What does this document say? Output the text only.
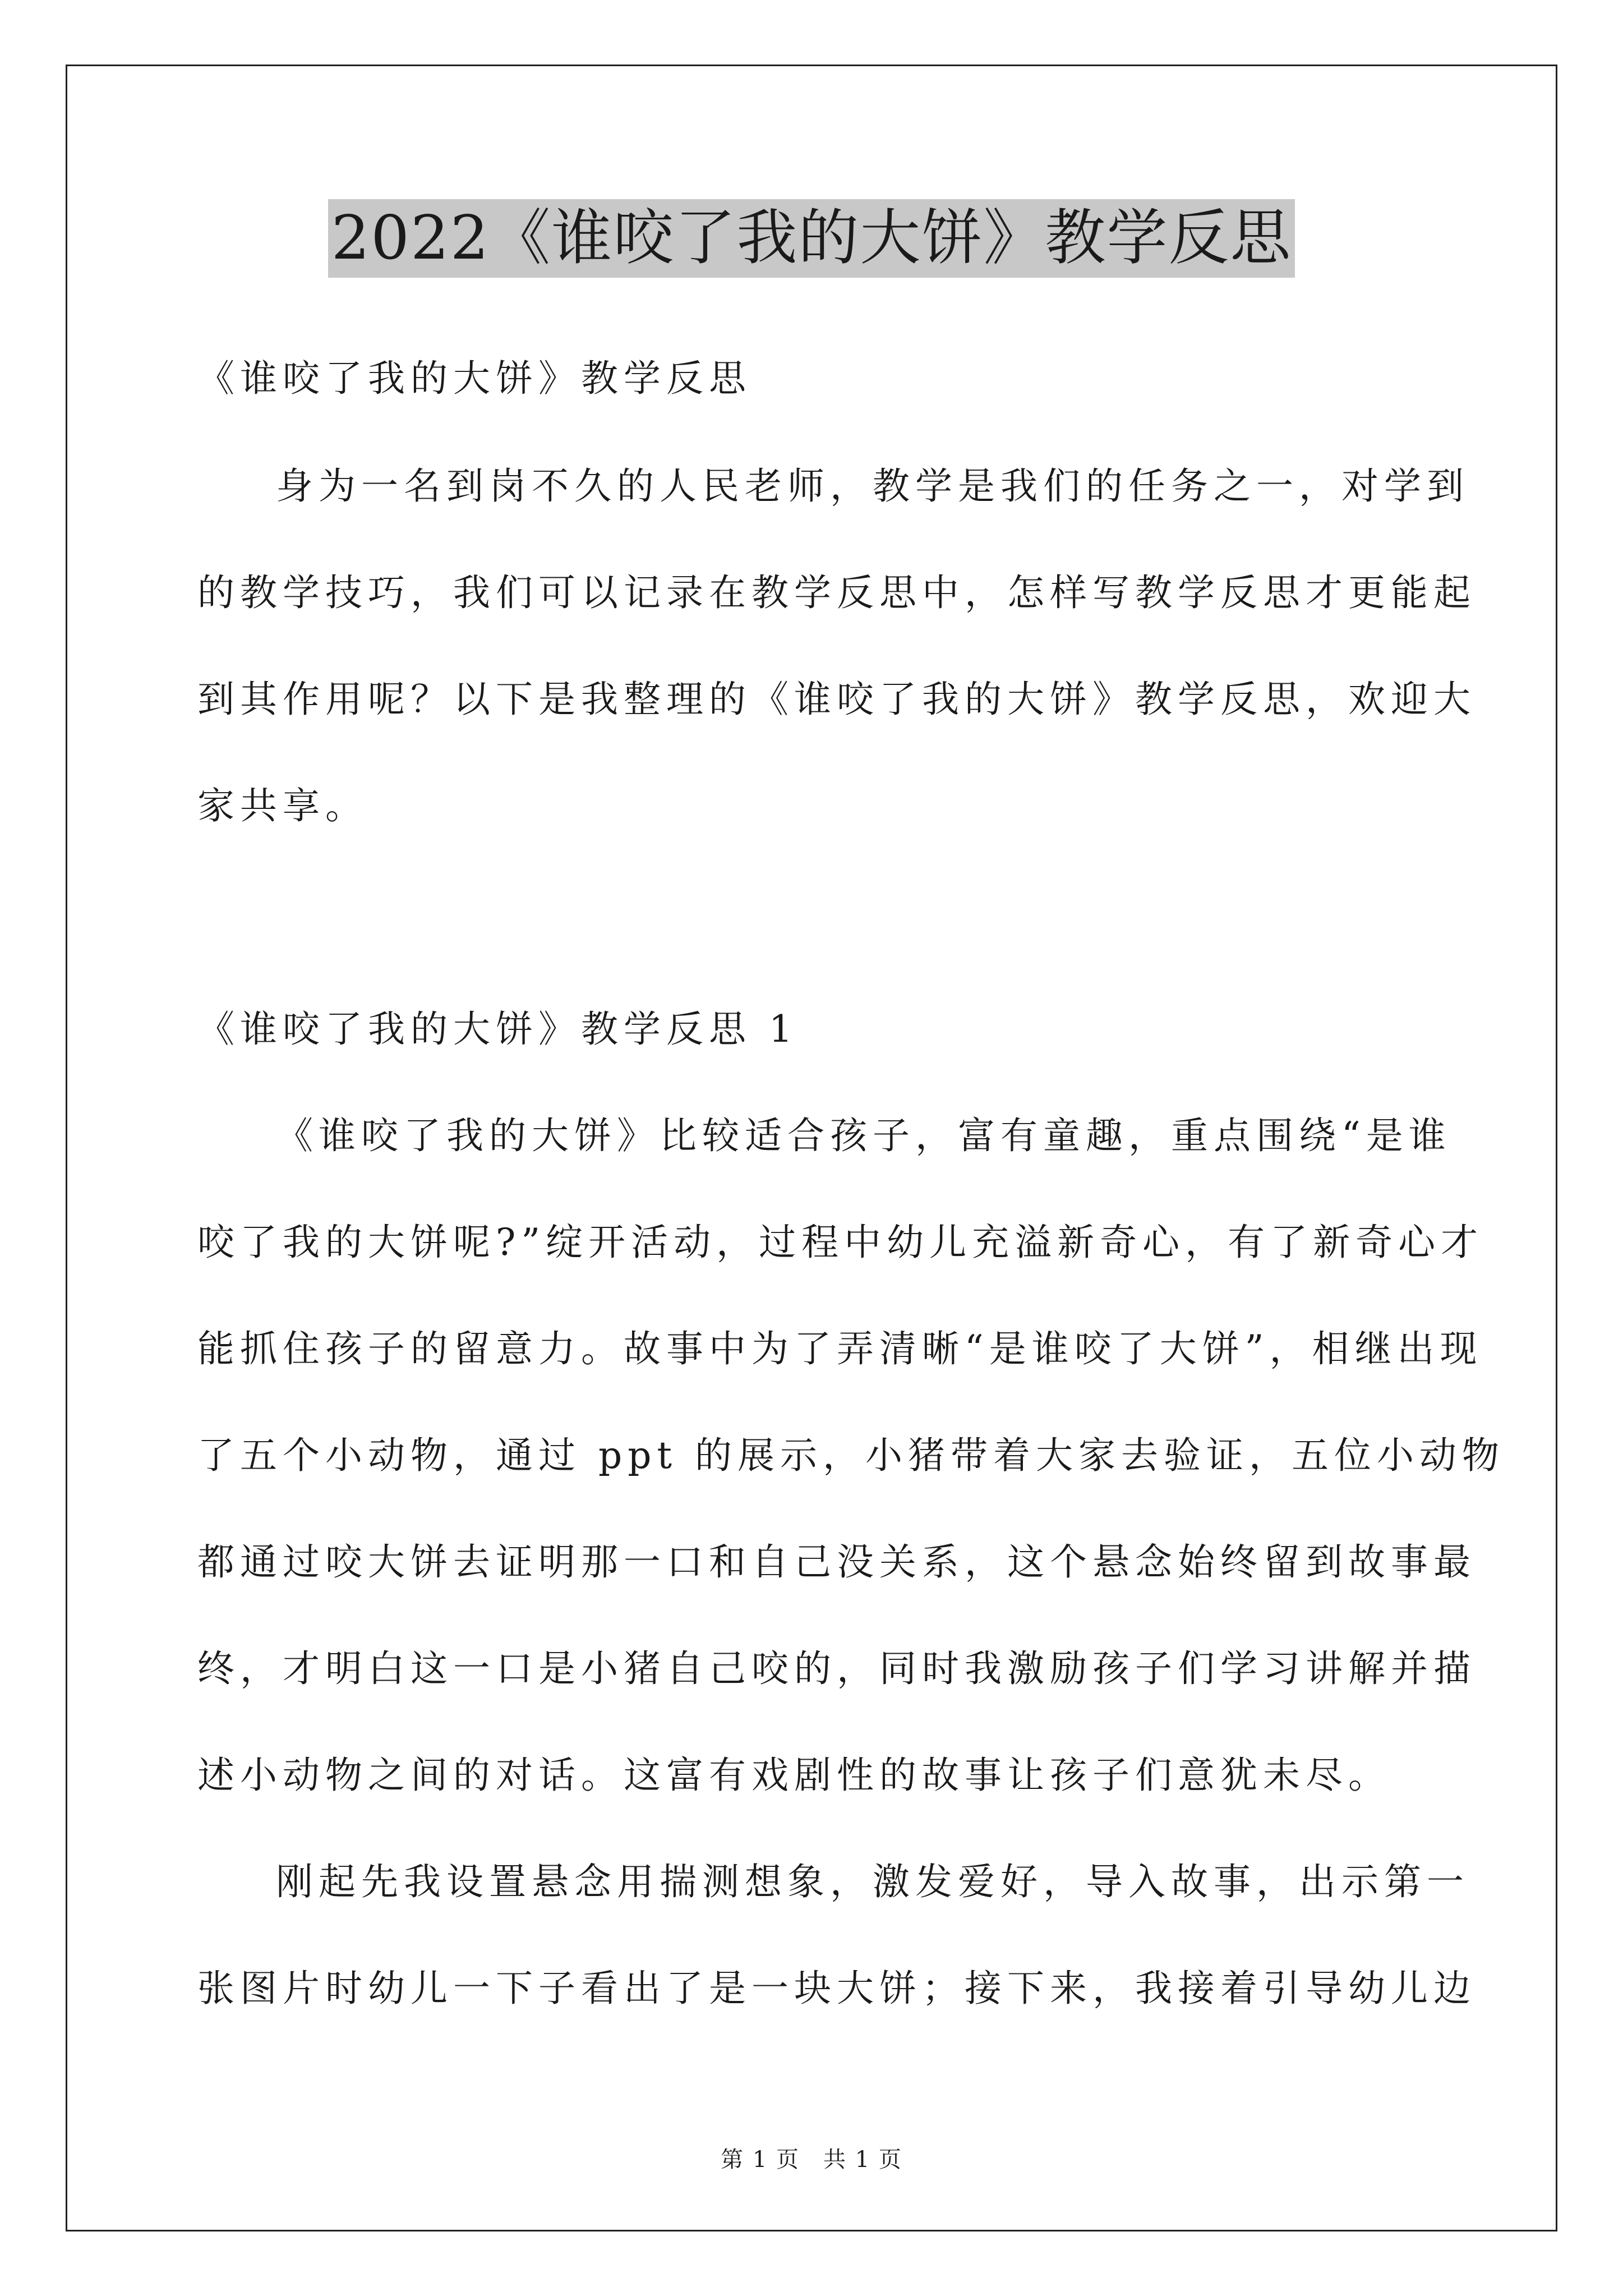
2022《谁咬了我的大饼》教学反思
《谁咬了我的大饼》教学反思
身为一名到岗不久的人民老师，教学是我们的任务之一，对学到
的教学技巧，我们可以记录在教学反思中，怎样写教学反思才更能起
到其作用呢？以下是我整理的《谁咬了我的大饼》教学反思，欢迎大
家共享。
《谁咬了我的大饼》教学反思 1
《谁咬了我的大饼》比较适合孩子，富有童趣，重点围绕“是谁
咬了我的大饼呢?”绽开活动，过程中幼儿充溢新奇心，有了新奇心才
能抓住孩子的留意力。故事中为了弄清晰“是谁咬了大饼”，相继出现
了五个小动物，通过 ppt 的展示，小猪带着大家去验证，五位小动物
都通过咬大饼去证明那一口和自己没关系，这个悬念始终留到故事最
终，才明白这一口是小猪自己咬的，同时我激励孩子们学习讲解并描
述小动物之间的对话。这富有戏剧性的故事让孩子们意犹未尽。
刚起先我设置悬念用揣测想象，激发爱好，导入故事，出示第一
张图片时幼儿一下子看出了是一块大饼；接下来，我接着引导幼儿边
第 1 页　共 1 页
